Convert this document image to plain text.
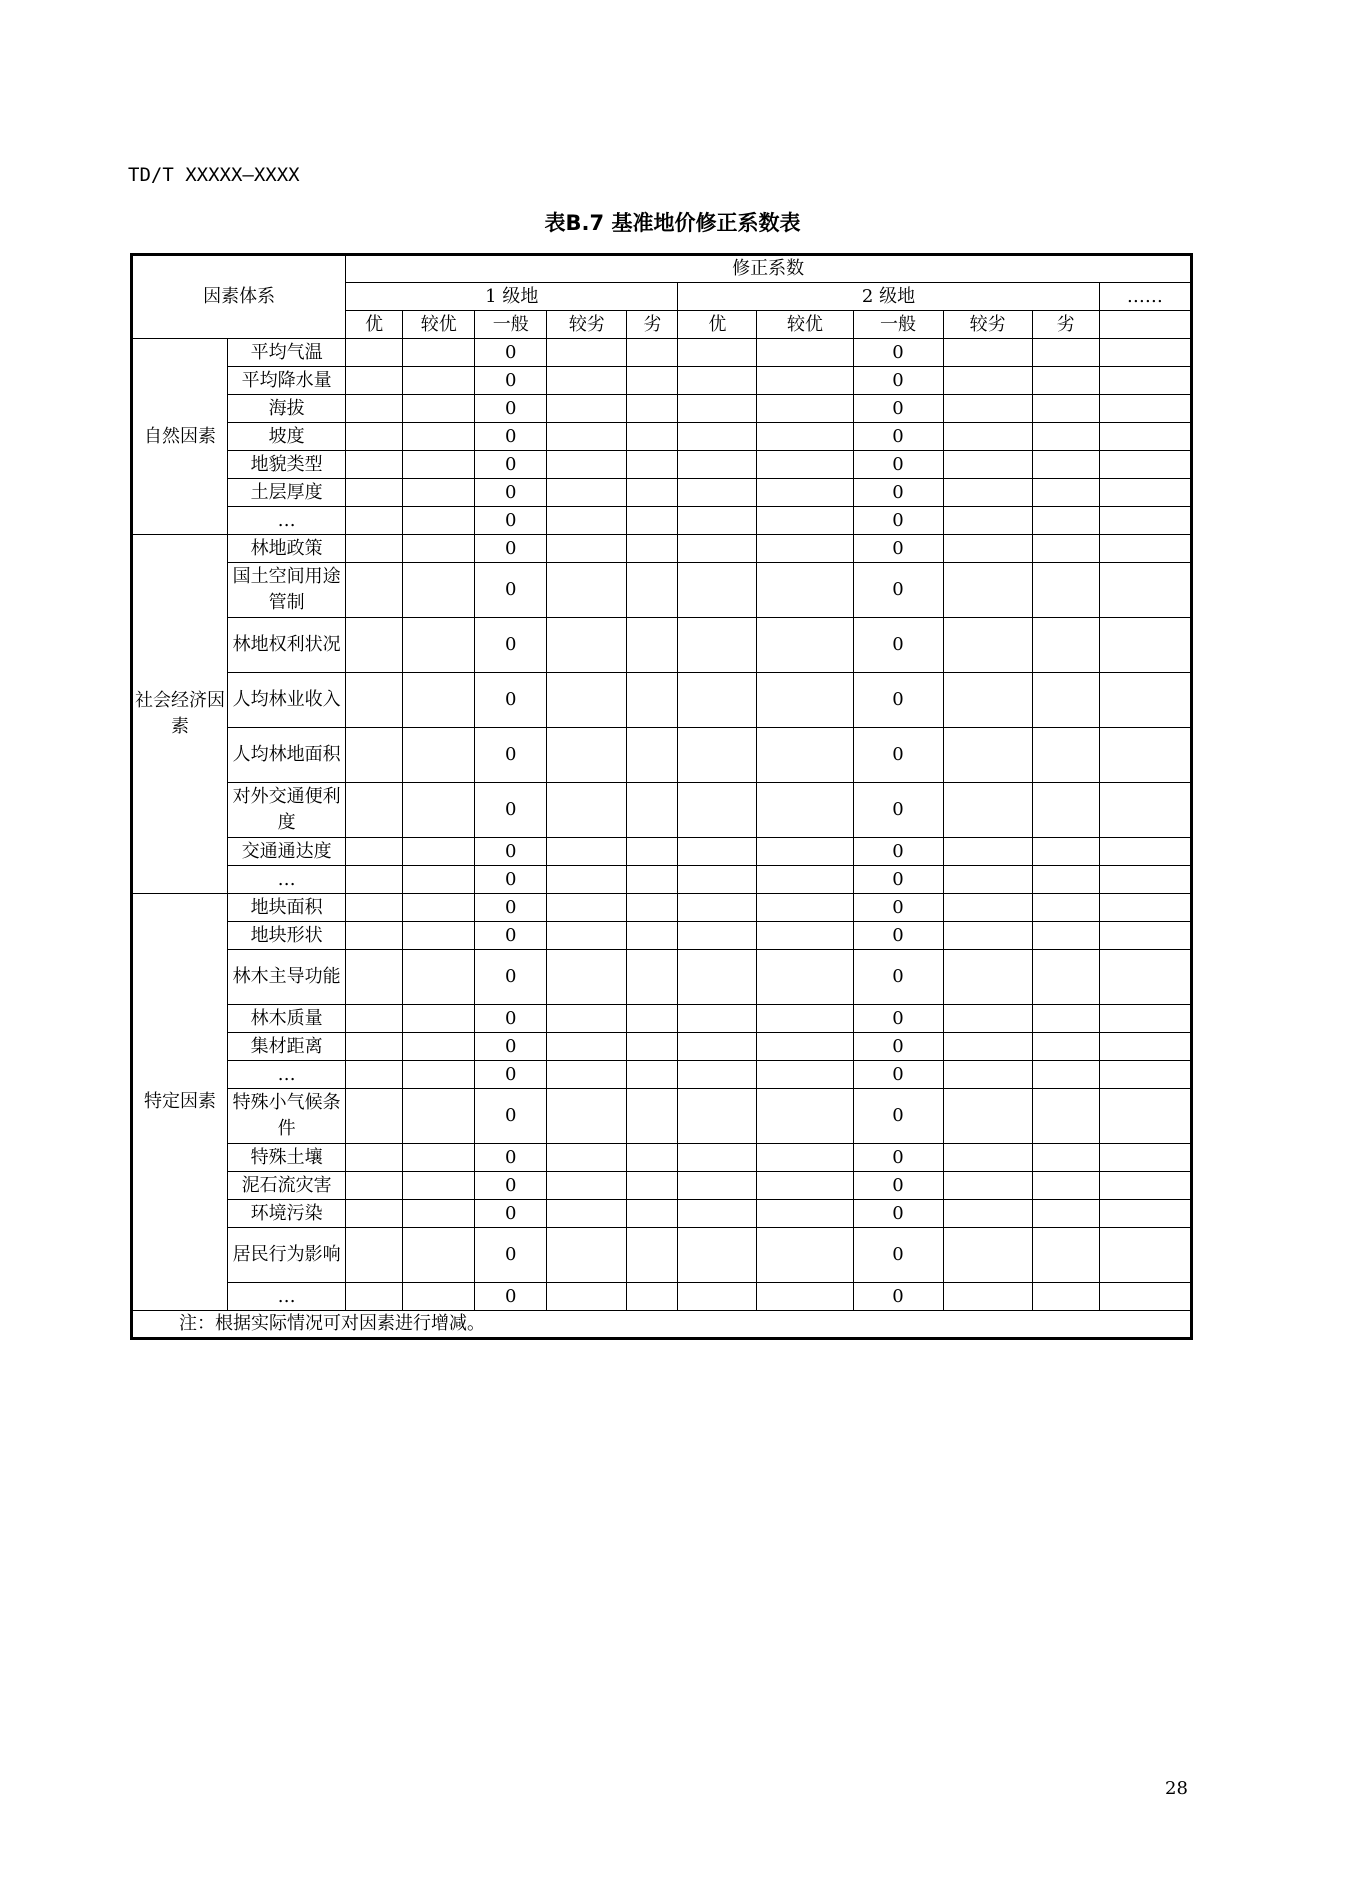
TD/T XXXXX—XXXX
表B.7 基准地价修正系数表
因素体系		修正系数										
		1 级地					2 级地					……
		优	较优	一般	较劣	劣	优	较优	一般	较劣	劣	
自然因素	平均气温			0					0			
	平均降水量			0					0			
	海拔			0					0			
	坡度			0					0			
	地貌类型			0					0			
	土层厚度			0					0			
	…			0					0			
社会经济因素	林地政策			0					0			
	国土空间用途管制			0					0			
	林地权利状况			0					0			
	人均林业收入			0					0			
	人均林地面积			0					0			
	对外交通便利度			0					0			
	交通通达度			0					0			
	…			0					0			
特定因素	地块面积			0					0			
	地块形状			0					0			
	林木主导功能			0					0			
	林木质量			0					0			
	集材距离			0					0			
	…			0					0			
	特殊小气候条件			0					0			
	特殊土壤			0					0			
	泥石流灾害			0					0			
	环境污染			0					0			
	居民行为影响			0					0			
	…			0					0			
注：根据实际情况可对因素进行增减。												
28
